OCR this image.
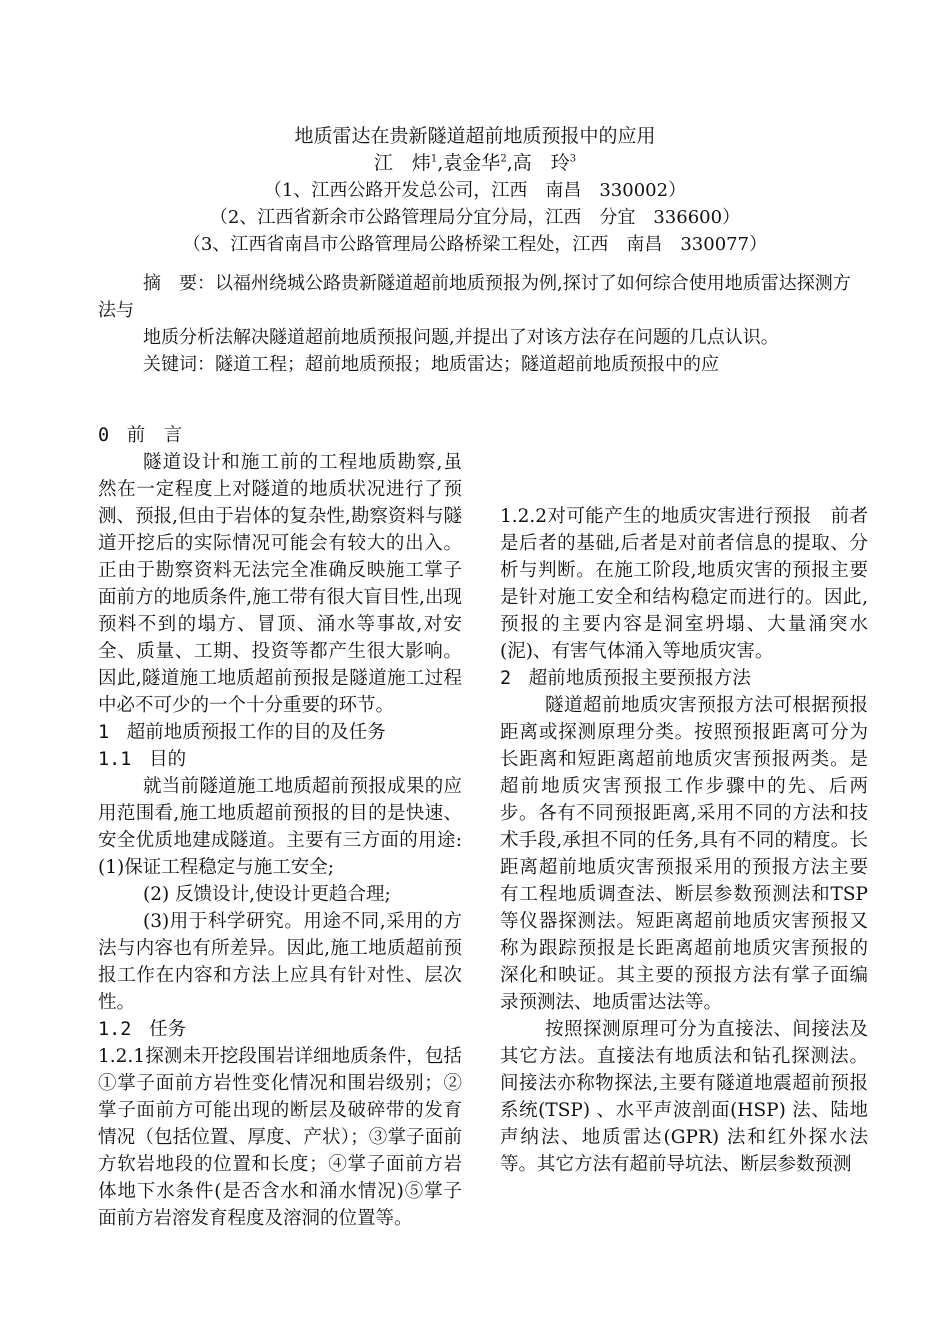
地质雷达在贵新隧道超前地质预报中的应用
江　炜$^1$,袁金华$^2$,高　玲$^3$
（1、江西公路开发总公司，江西　南昌　330002）
（2、江西省新余市公路管理局分宜分局，江西　分宜　336600）
（3、江西省南昌市公路管理局公路桥梁工程处，江西　南昌　330077）

摘　要：以福州绕城公路贵新隧道超前地质预报为例,探讨了如何综合使用地质雷达探测方法与

地质分析法解决隧道超前地质预报问题,并提出了对该方法存在问题的几点认识。

关键词：隧道工程；超前地质预报；地质雷达；隧道超前地质预报中的应

0 前　言

隧道设计和施工前的工程地质勘察,虽然在一定程度上对隧道的地质状况进行了预测、预报,但由于岩体的复杂性,勘察资料与隧道开挖后的实际情况可能会有较大的出入。正由于勘察资料无法完全准确反映施工掌子面前方的地质条件,施工带有很大盲目性,出现预料不到的塌方、冒顶、涌水等事故,对安全、质量、工期、投资等都产生很大影响。因此,隧道施工地质超前预报是隧道施工过程中必不可少的一个十分重要的环节。

1 超前地质预报工作的目的及任务

1.1 目的

就当前隧道施工地质超前预报成果的应用范围看,施工地质超前预报的目的是快速、安全优质地建成隧道。主要有三方面的用途:(1)保证工程稳定与施工安全;

(2) 反馈设计,使设计更趋合理;

(3)用于科学研究。用途不同,采用的方法与内容也有所差异。因此,施工地质超前预报工作在内容和方法上应具有针对性、层次性。

1.2 任务

1.2.1探测未开挖段围岩详细地质条件，包括①掌子面前方岩性变化情况和围岩级别；②掌子面前方可能出现的断层及破碎带的发育情况（包括位置、厚度、产状）；③掌子面前方软岩地段的位置和长度；④掌子面前方岩体地下水条件(是否含水和涌水情况)⑤掌子面前方岩溶发育程度及溶洞的位置等。

1.2.2对可能产生的地质灾害进行预报　前者是后者的基础,后者是对前者信息的提取、分析与判断。在施工阶段,地质灾害的预报主要是针对施工安全和结构稳定而进行的。因此,预报的主要内容是洞室坍塌、大量涌突水(泥)、有害气体涌入等地质灾害。

2 超前地质预报主要预报方法

隧道超前地质灾害预报方法可根据预报距离或探测原理分类。按照预报距离可分为长距离和短距离超前地质灾害预报两类。是超前地质灾害预报工作步骤中的先、后两步。各有不同预报距离,采用不同的方法和技术手段,承担不同的任务,具有不同的精度。长距离超前地质灾害预报采用的预报方法主要有工程地质调查法、断层参数预测法和TSP 等仪器探测法。短距离超前地质灾害预报又称为跟踪预报是长距离超前地质灾害预报的深化和映证。其主要的预报方法有掌子面编录预测法、地质雷达法等。

按照探测原理可分为直接法、间接法及其它方法。直接法有地质法和钻孔探测法。间接法亦称物探法,主要有隧道地震超前预报系统(TSP) 、水平声波剖面(HSP) 法、陆地声纳法、地质雷达(GPR) 法和红外探水法等。其它方法有超前导坑法、断层参数预测
